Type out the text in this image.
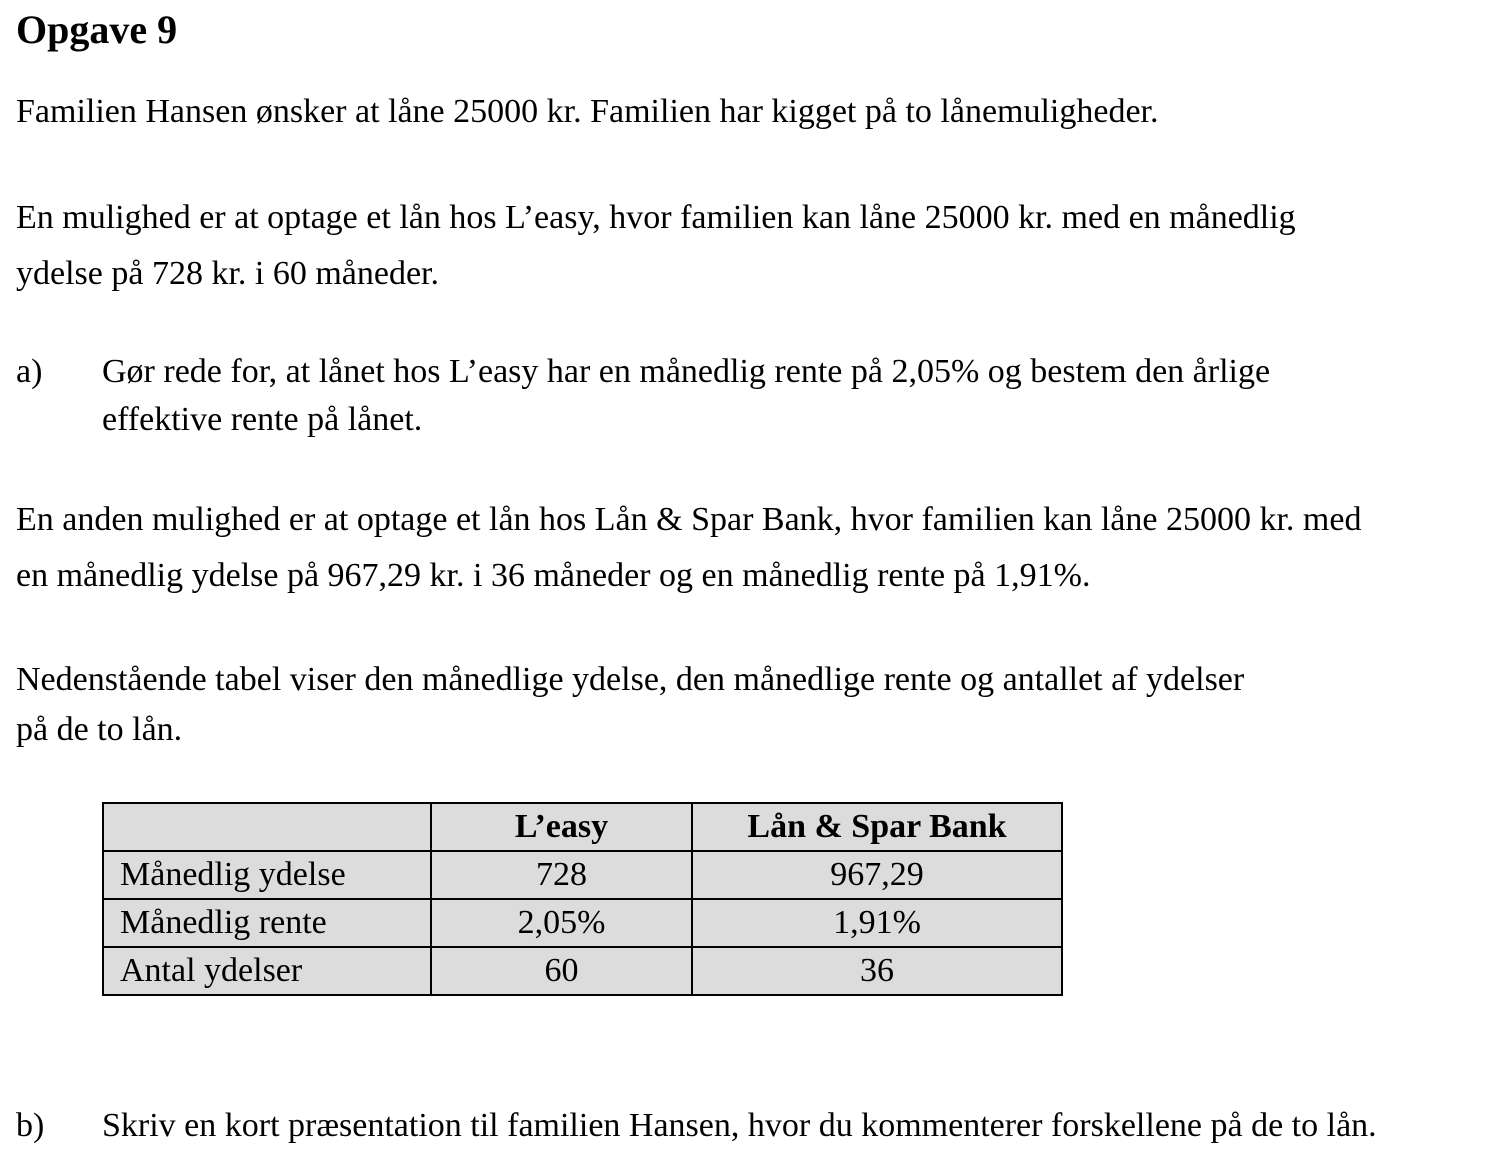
Opgave 9
Familien Hansen ønsker at låne 25000 kr. Familien har kigget på to lånemuligheder.
En mulighed er at optage et lån hos L’easy, hvor familien kan låne 25000 kr. med en månedlig
ydelse på 728 kr. i 60 måneder.
a) Gør rede for, at lånet hos L’easy har en månedlig rente på 2,05% og bestem den årlige
effektive rente på lånet.
En anden mulighed er at optage et lån hos Lån & Spar Bank, hvor familien kan låne 25000 kr. med
en månedlig ydelse på 967,29 kr. i 36 måneder og en månedlig rente på 1,91%.
Nedenstående tabel viser den månedlige ydelse, den månedlige rente og antallet af ydelser
på de to lån.
	L’easy	Lån & Spar Bank
Månedlig ydelse	728	967,29
Månedlig rente	2,05%	1,91%
Antal ydelser	60	36
b) Skriv en kort præsentation til familien Hansen, hvor du kommenterer forskellene på de to lån.
